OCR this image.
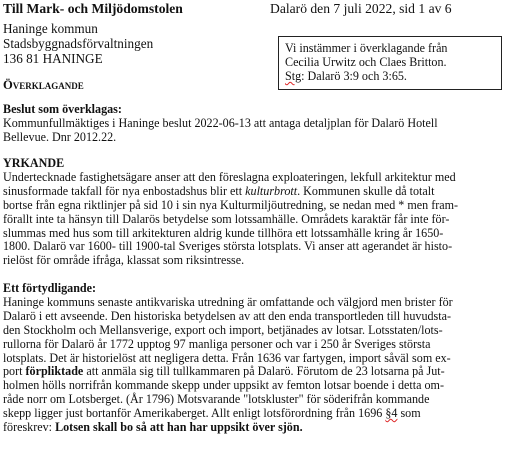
Till Mark- och Miljödomstolen	Dalarö den 7 juli 2022, sid 1 av 6
Haninge kommun
Stadsbyggnadsförvaltningen
136 81 HANINGE
Vi instämmer i överklagande från
Cecilia Urwitz och Claes Britton.
Stg: Dalarö 3:9 och 3:65.
Överklagande
Beslut som överklagas:
Kommunfullmäktiges i Haninge beslut 2022-06-13 att antaga detaljplan för Dalarö Hotell
Bellevue. Dnr 2012.22.
YRKANDE
Undertecknade fastighetsägare anser att den föreslagna exploateringen, lekfull arkitektur med
sinusformade takfall för nya enbostadshus blir ett kulturbrott. Kommunen skulle då totalt
bortse från egna riktlinjer på sid 10 i sin nya Kulturmiljöutredning, se nedan med * men fram-
förallt inte ta hänsyn till Dalarös betydelse som lotssamhälle. Områdets karaktär får inte för-
slummas med hus som till arkitekturen aldrig kunde tillhöra ett lotssamhälle kring år 1650-
1800. Dalarö var 1600- till 1900-tal Sveriges största lotsplats. Vi anser att agerandet är histo-
rielöst för område ifråga, klassat som riksintresse.
Ett förtydligande:
Haninge kommuns senaste antikvariska utredning är omfattande och välgjord men brister för
Dalarö i ett avseende. Den historiska betydelsen av att den enda transportleden till huvudsta-
den Stockholm och Mellansverige, export och import, betjänades av lotsar. Lotsstaten/lots-
rullorna för Dalarö år 1772 upptog 97 manliga personer och var i 250 år Sveriges största
lotsplats. Det är historielöst att negligera detta. Från 1636 var fartygen, import såväl som ex-
port förpliktade att anmäla sig till tullkammaren på Dalarö. Förutom de 23 lotsarna på Jut-
holmen hölls norrifrån kommande skepp under uppsikt av femton lotsar boende i detta om-
råde norr om Lotsberget. (År 1796) Motsvarande "lotskluster" för söderifrån kommande
skepp ligger just bortanför Amerikaberget. Allt enligt lotsförordning från 1696 §4 som
föreskrev: Lotsen skall bo så att han har uppsikt över sjön.
